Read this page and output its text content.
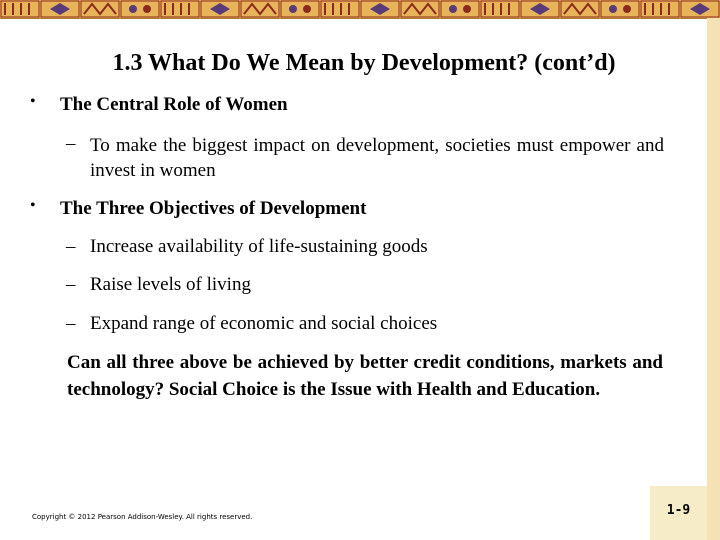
1.3 What Do We Mean by Development? (cont’d)
• The Central Role of Women
– To make the biggest impact on development, societies must empower and invest in women
• The Three Objectives of Development
– Increase availability of life-sustaining goods
– Raise levels of living
– Expand range of economic and social choices
Can all three above be achieved by better credit conditions, markets and technology? Social Choice is the Issue with Health and Education.
Copyright © 2012 Pearson Addison-Wesley. All rights reserved.	1-9
